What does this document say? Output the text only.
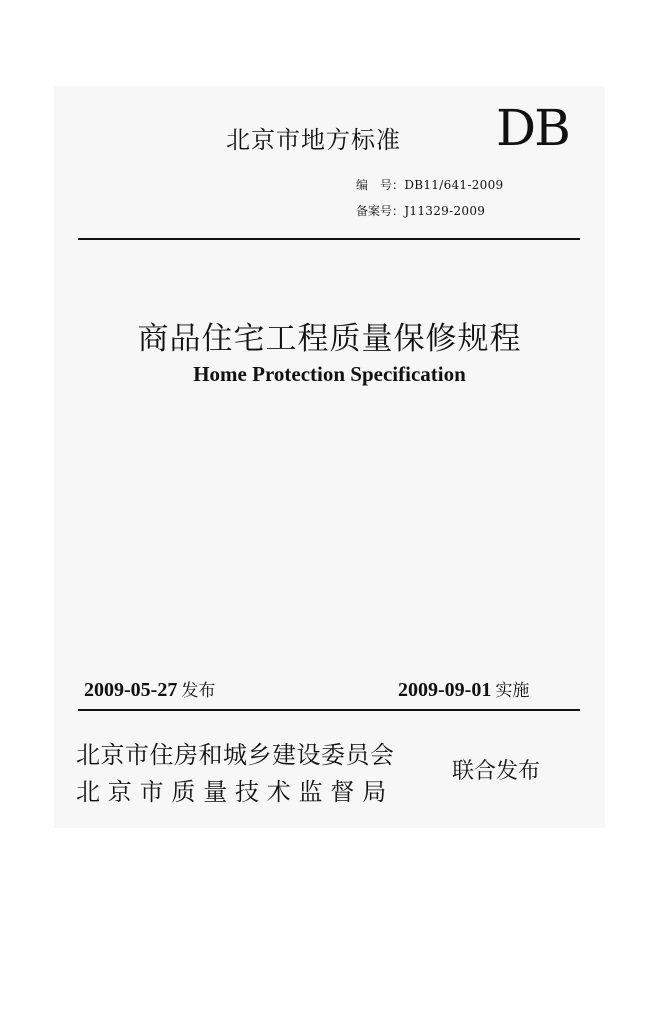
北京市地方标准 DB
编　号：DB11/641-2009
备案号：J11329-2009
商品住宅工程质量保修规程
Home Protection Specification
2009-05-27 发布	2009-09-01 实施
北京市住房和城乡建设委员会
北京市质量技术监督局
联合发布
